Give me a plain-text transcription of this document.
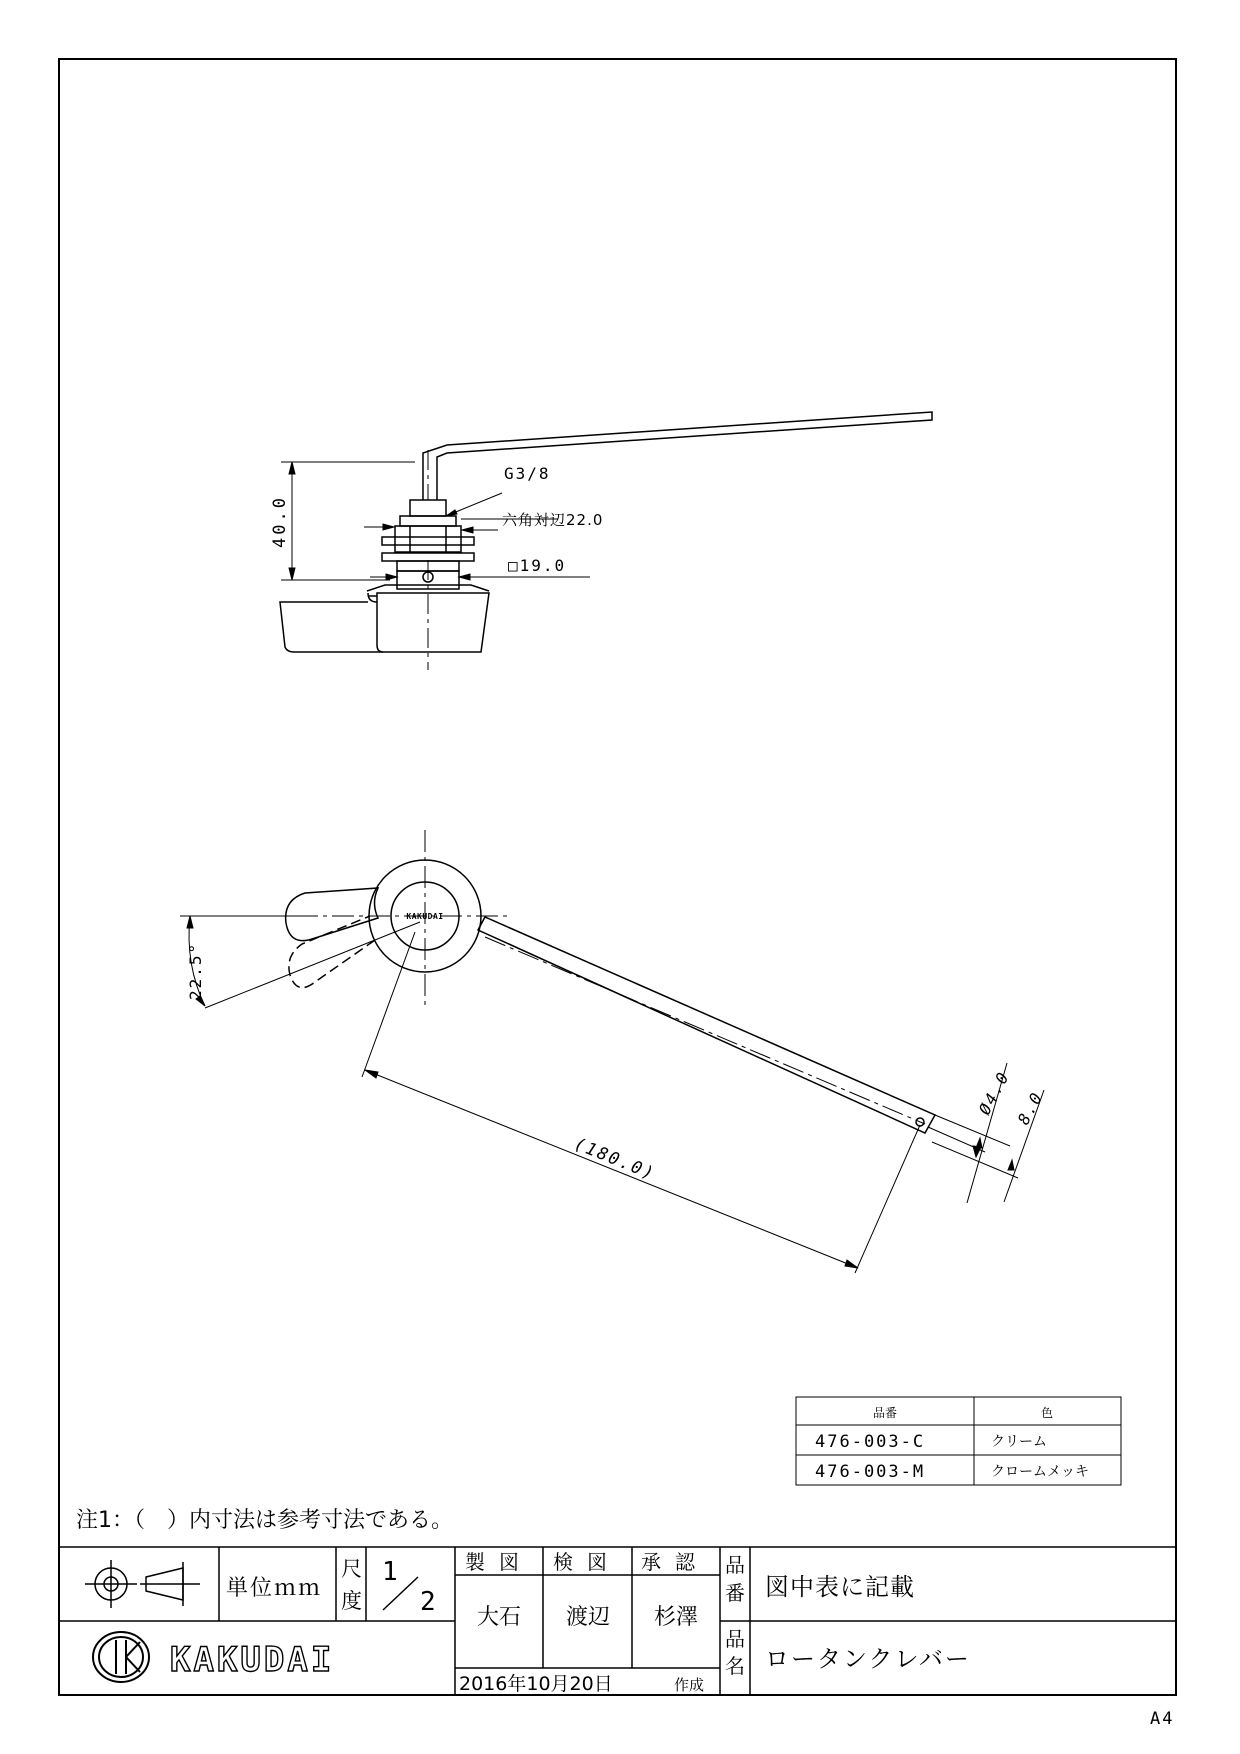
40.0
G3/8
六角対辺22.0
□19.0
KAKUDAI
22.5°
(180.0)
Ø4.0 8.0
品番	色
476-003-C	クリーム
476-003-M	クロームメッキ
注1：（　）内寸法は参考寸法である。
単位ｍｍ
尺
度
1
2
製図 検図 承認
大石 渡辺 杉澤
2016年10月20日	作成
品
番 図中表に記載
品
名 ロータンクレバー
KAKUDAI
A4
